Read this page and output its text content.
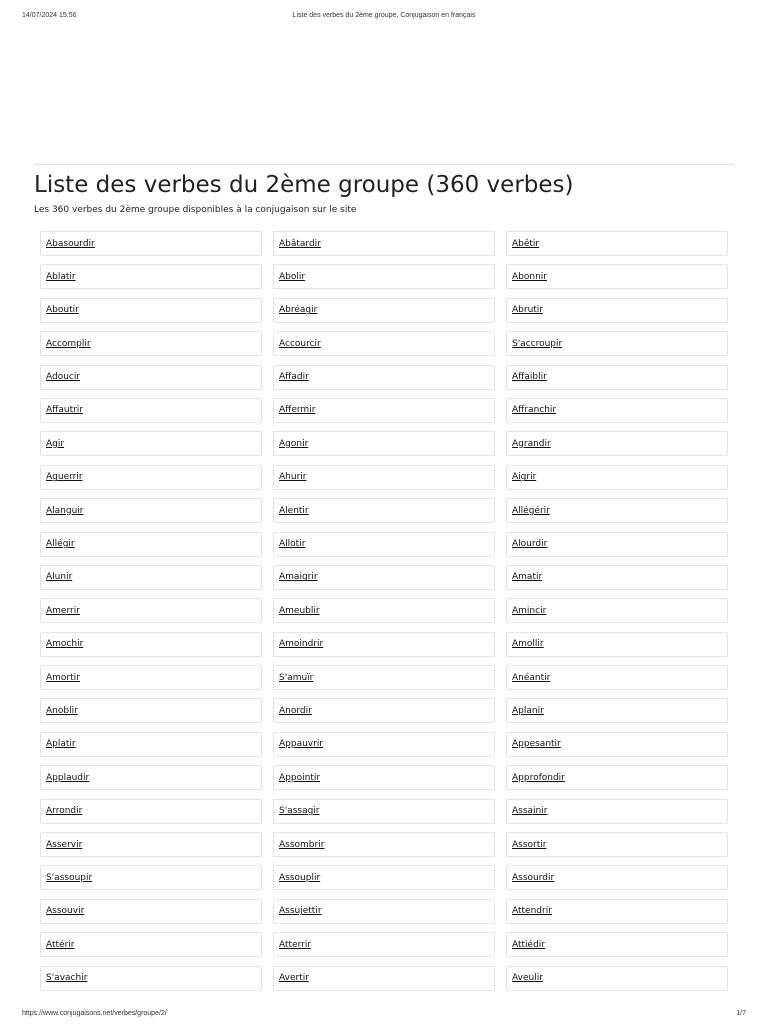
14/07/2024 15:56	Liste des verbes du 2ème groupe, Conjugaison en français
Liste des verbes du 2ème groupe (360 verbes)

Les 360 verbes du 2ème groupe disponibles à la conjugaison sur le site

Abasourdir	Abâtardir	Abêtir
Ablatir	Abolir	Abonnir
Aboutir	Abréagir	Abrutir
Accomplir	Accourcir	S'accroupir
Adoucir	Affadir	Affaiblir
Affautrir	Affermir	Affranchir
Agir	Agonir	Agrandir
Aguerrir	Ahurir	Aigrir
Alanguir	Alentir	Allégérir
Allégir	Allotir	Alourdir
Alunir	Amaigrir	Amatir
Amerrir	Ameublir	Amincir
Amochir	Amoindrir	Amollir
Amortir	S'amuïr	Anéantir
Anoblir	Anordir	Aplanir
Aplatir	Appauvrir	Appesantir
Applaudir	Appointir	Approfondir
Arrondir	S'assagir	Assainir
Asservir	Assombrir	Assortir
S'assoupir	Assouplir	Assourdir
Assouvir	Assujettir	Attendrir
Attérir	Atterrir	Attiédir
S'avachir	Avertir	Aveulir
https://www.conjugaisons.net/verbes/groupe/2/	1/7
